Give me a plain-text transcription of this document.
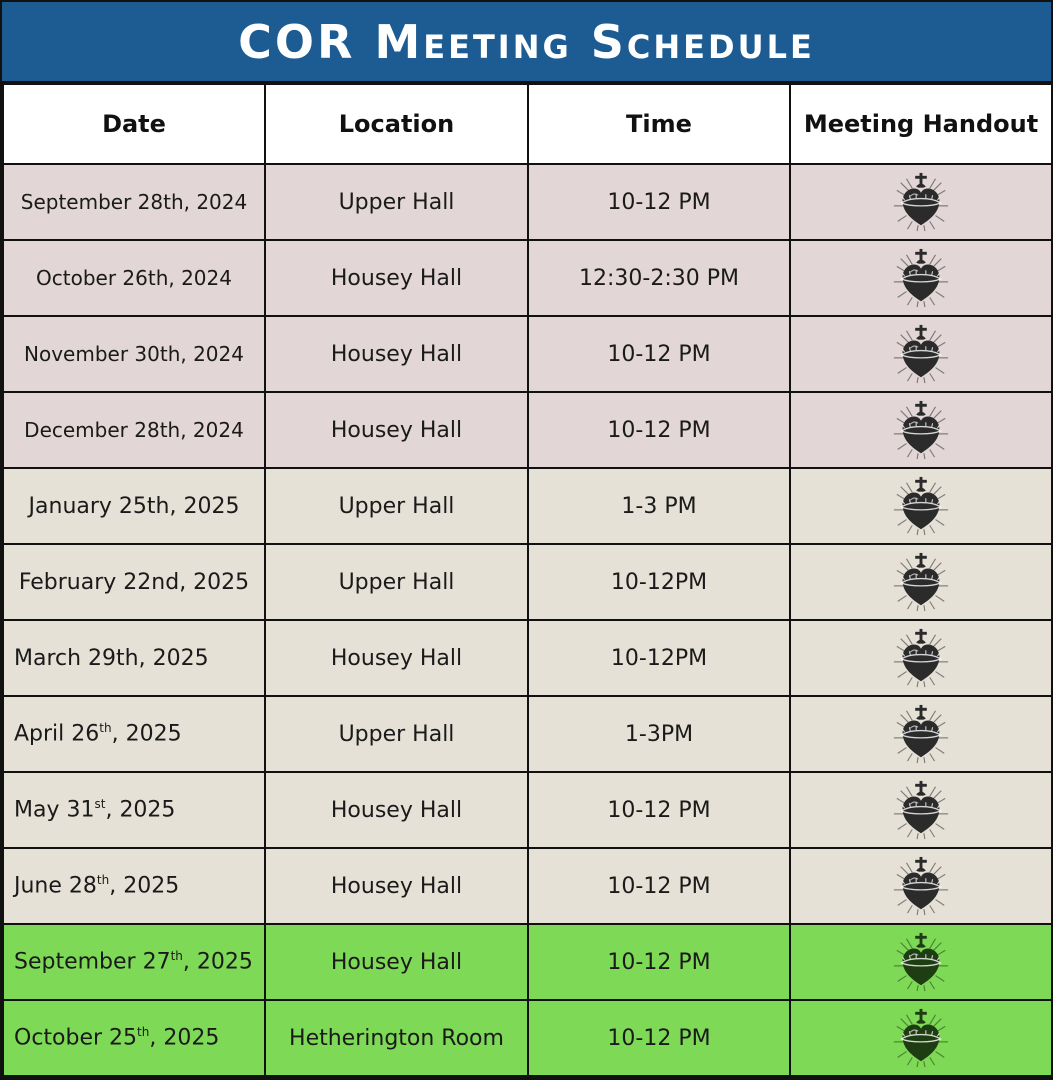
COR Meeting Schedule
Date	Location	Time	Meeting Handout
September 28th, 2024	Upper Hall	10-12 PM	
October 26th, 2024	Housey Hall	12:30-2:30 PM	
November 30th, 2024	Housey Hall	10-12 PM	
December 28th, 2024	Housey Hall	10-12 PM	
January 25th, 2025	Upper Hall	1-3 PM	
February 22nd, 2025	Upper Hall	10-12PM	
March 29th, 2025	Housey Hall	10-12PM	
April 26th, 2025	Upper Hall	1-3PM	
May 31st, 2025	Housey Hall	10-12 PM	
June 28th, 2025	Housey Hall	10-12 PM	
September 27th, 2025	Housey Hall	10-12 PM	
October 25th, 2025	Hetherington Room	10-12 PM	
